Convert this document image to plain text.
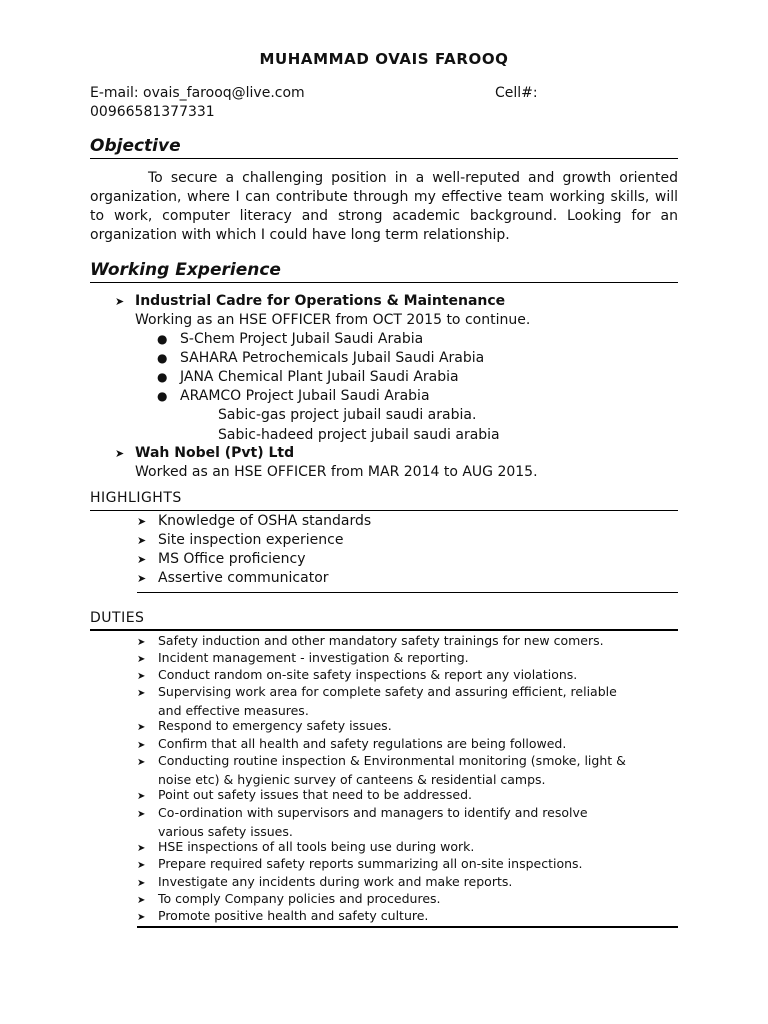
MUHAMMAD OVAIS FAROOQ
E-mail: ovais_farooq@live.com	Cell#:
00966581377331
Objective
To secure a challenging position in a well-reputed and growth oriented organization, where I can contribute through my effective team working skills, will to work, computer literacy and strong academic background. Looking for an organization with which I could have long term relationship.
Working Experience
➤ Industrial Cadre for Operations & Maintenance
Working as an HSE OFFICER from OCT 2015 to continue.
● S-Chem Project Jubail Saudi Arabia
● SAHARA Petrochemicals Jubail Saudi Arabia
● JANA Chemical Plant Jubail Saudi Arabia
● ARAMCO Project Jubail Saudi Arabia
Sabic-gas project jubail saudi arabia.
Sabic-hadeed project jubail saudi arabia
➤ Wah Nobel (Pvt) Ltd
Worked as an HSE OFFICER from MAR 2014 to AUG 2015.
HIGHLIGHTS
➤ Knowledge of OSHA standards
➤ Site inspection experience
➤ MS Office proficiency
➤ Assertive communicator
DUTIES
➤ Safety induction and other mandatory safety trainings for new comers.
➤ Incident management - investigation & reporting.
➤ Conduct random on-site safety inspections & report any violations.
➤ Supervising work area for complete safety and assuring efficient, reliable
and effective measures.
➤ Respond to emergency safety issues.
➤ Confirm that all health and safety regulations are being followed.
➤ Conducting routine inspection & Environmental monitoring (smoke, light &
noise etc) & hygienic survey of canteens & residential camps.
➤ Point out safety issues that need to be addressed.
➤ Co-ordination with supervisors and managers to identify and resolve
various safety issues.
➤ HSE inspections of all tools being use during work.
➤ Prepare required safety reports summarizing all on-site inspections.
➤ Investigate any incidents during work and make reports.
➤ To comply Company policies and procedures.
➤ Promote positive health and safety culture.
